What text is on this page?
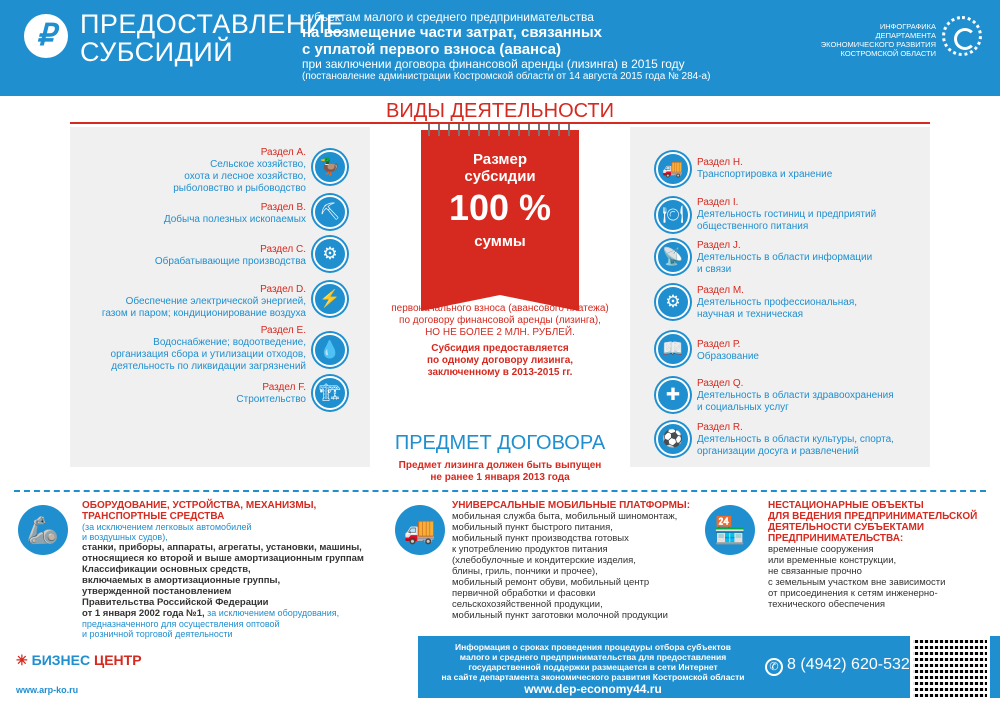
₽ ПРЕДОСТАВЛЕНИЕ
СУБСИДИЙ
субъектам малого и среднего предпринимательства
на возмещение части затрат, связанных
с уплатой первого взноса (аванса)
при заключении договора финансовой аренды (лизинга) в 2015 году
(постановление администрации Костромской области от 14 августа 2015 года № 284-а)
ИНФОГРАФИКА
ДЕПАРТАМЕНТА
ЭКОНОМИЧЕСКОГО РАЗВИТИЯ
КОСТРОМСКОЙ ОБЛАСТИ
ВИДЫ ДЕЯТЕЛЬНОСТИ
Раздел А.
Сельское хозяйство,
охота и лесное хозяйство,
рыболовство и рыбоводство
🦆
Раздел В.
Добыча полезных ископаемых ⛏
Раздел С.
Обрабатывающие производства ⚙
Раздел D.
Обеспечение электрической энергией,
газом и паром; кондиционирование воздуха
⚡
Раздел Е.
Водоснабжение; водоотведение,
организация сбора и утилизации отходов,
деятельность по ликвидации загрязнений
💧
Раздел F.
Строительство 🏗
Раздел Н.
Транспортировка и хранение
🚚
Раздел I.
Деятельность гостиниц и предприятий
общественного питания
🍽
Раздел J.
Деятельность в области информации
и связи
📡
Раздел М.
Деятельность профессиональная,
научная и техническая
⚙
Раздел Р.
Образование
📖
Раздел Q.
Деятельность в области здравоохранения
и социальных услуг
✚
Раздел R.
Деятельность в области культуры, спорта,
организации досуга и развлечений
⚽
Размер
субсидии
100 %
суммы
первоначального взноса (авансового платежа)
по договору финансовой аренды (лизинга),
НО НЕ БОЛЕЕ 2 МЛН. РУБЛЕЙ.
Субсидия предоставляется
по одному договору лизинга,
заключенному в 2013-2015 гг.
ПРЕДМЕТ ДОГОВОРА
Предмет лизинга должен быть выпущен
не ранее 1 января 2013 года
🦾
ОБОРУДОВАНИЕ, УСТРОЙСТВА, МЕХАНИЗМЫ,
ТРАНСПОРТНЫЕ СРЕДСТВА
(за исключением легковых автомобилей
и воздушных судов),
станки, приборы, аппараты, агрегаты, установки, машины,
относящиеся ко второй и выше амортизационным группам
Классификации основных средств,
включаемых в амортизационные группы,
утвержденной постановлением
Правительства Российской Федерации
от 1 января 2002 года №1, за исключением оборудования,
предназначенного для осуществления оптовой
и розничной торговой деятельности
🚚
УНИВЕРСАЛЬНЫЕ МОБИЛЬНЫЕ ПЛАТФОРМЫ:
мобильная служба быта, мобильный шиномонтаж,
мобильный пункт быстрого питания,
мобильный пункт производства готовых
к употреблению продуктов питания
(хлебобулочные и кондитерские изделия,
блины, гриль, пончики и прочее),
мобильный ремонт обуви, мобильный центр
первичной обработки и фасовки
сельскохозяйственной продукции,
мобильный пункт заготовки молочной продукции
🏪
НЕСТАЦИОНАРНЫЕ ОБЪЕКТЫ
ДЛЯ ВЕДЕНИЯ ПРЕДПРИНИМАТЕЛЬСКОЙ
ДЕЯТЕЛЬНОСТИ СУБЪЕКТАМИ
ПРЕДПРИНИМАТЕЛЬСТВА:
временные сооружения
или временные конструкции,
не связанные прочно
с земельным участком вне зависимости
от присоединения к сетям инженерно-
технического обеспечения
✳ БИЗНЕС ЦЕНТР
www.arp-ko.ru
Информация о сроках проведения процедуры отбора субъектов
малого и среднего предпринимательства для предоставления
государственной поддержки размещается в сети Интернет
на сайте департамента экономического развития Костромской области
www.dep-economy44.ru
✆ 8 (4942) 620-532
